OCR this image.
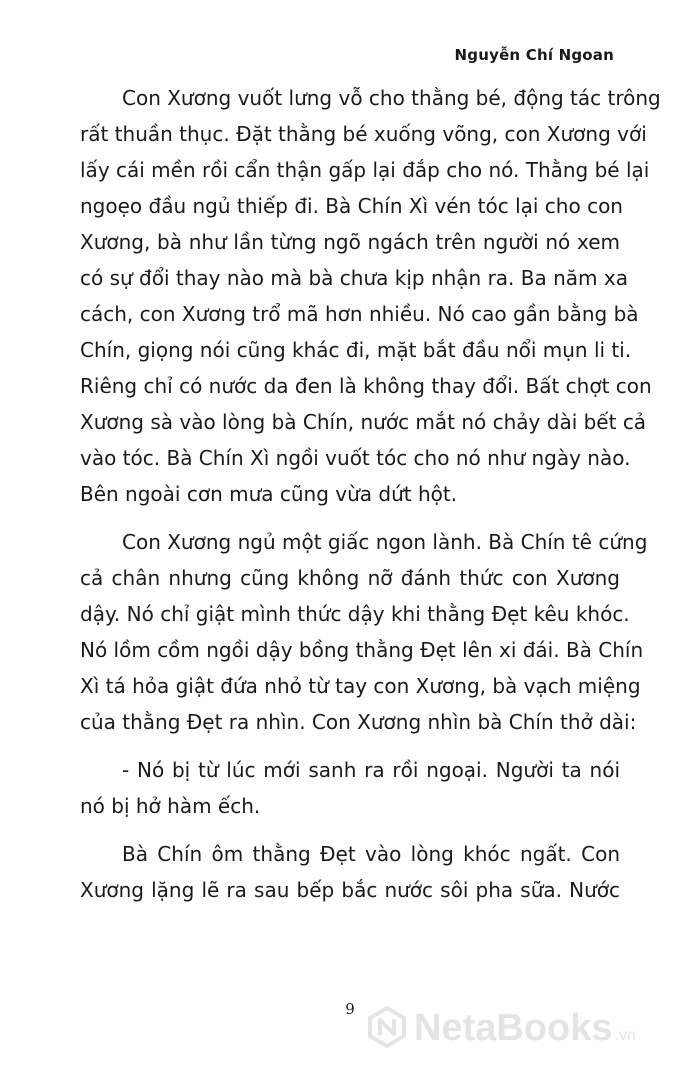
Nguyễn Chí Ngoan
Con Xương vuốt lưng vỗ cho thằng bé, động tác trông
rất thuần thục. Đặt thằng bé xuống võng, con Xương với
lấy cái mền rồi cẩn thận gấp lại đắp cho nó. Thằng bé lại
ngoẹo đầu ngủ thiếp đi. Bà Chín Xì vén tóc lại cho con
Xương, bà như lần từng ngõ ngách trên người nó xem
có sự đổi thay nào mà bà chưa kịp nhận ra. Ba năm xa
cách, con Xương trổ mã hơn nhiều. Nó cao gần bằng bà
Chín, giọng nói cũng khác đi, mặt bắt đầu nổi mụn li ti.
Riêng chỉ có nước da đen là không thay đổi. Bất chợt con
Xương sà vào lòng bà Chín, nước mắt nó chảy dài bết cả
vào tóc. Bà Chín Xì ngồi vuốt tóc cho nó như ngày nào.
Bên ngoài cơn mưa cũng vừa dứt hột.
Con Xương ngủ một giấc ngon lành. Bà Chín tê cứng
cả chân nhưng cũng không nỡ đánh thức con Xương
dậy. Nó chỉ giật mình thức dậy khi thằng Đẹt kêu khóc.
Nó lồm cồm ngồi dậy bồng thằng Đẹt lên xi đái. Bà Chín
Xì tá hỏa giật đứa nhỏ từ tay con Xương, bà vạch miệng
của thằng Đẹt ra nhìn. Con Xương nhìn bà Chín thở dài:
- Nó bị từ lúc mới sanh ra rồi ngoại. Người ta nói
nó bị hở hàm ếch.
Bà Chín ôm thằng Đẹt vào lòng khóc ngất. Con
Xương lặng lẽ ra sau bếp bắc nước sôi pha sữa. Nước
9	NetaBooks .vn
